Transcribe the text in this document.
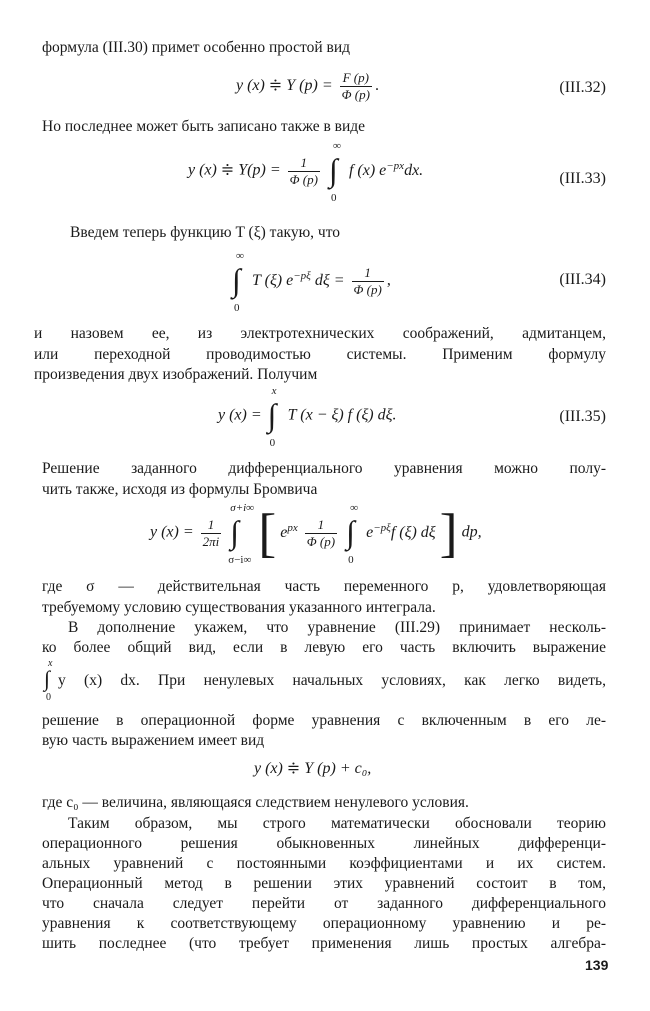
формула (III.30) примет особенно простой вид
y (x) ≑ Y $(p) = \frac{F (p)}{\Phi (p)}$ .	(III.32)
Но последнее может быть записано также в виде
y (x) ≑ $Y(p) = \frac{1}{\Phi (p)}$

∞
∫
0
f (x) $e^{-px}dx$.	(III.33)
Введем теперь функцию T (ξ) такую, что
∞
∫
0
T (ξ) $e^{-p\xi}$ $d\xi = \frac{1}{\Phi (p)}$ ,	(III.34)
и назовем ее, из электротехнических соображений, адмитанцем,
или переходной проводимостью системы. Применим формулу
произведения двух изображений. Получим
y (x) =
x
∫
0
T (x − ξ) f (ξ) dξ.	(III.35)
Решение заданного дифференциального уравнения можно полу-
чить также, исходя из формулы Бромвича
y $(x) = \frac{1}{2\pi i}$

σ+i∞
∫
σ−i∞ [ $e^{px} \frac{1}{\Phi (p)}$

∞
∫
0
$e^{-p\xi}f$ (ξ) dξ ] dp,
где σ — действительная часть переменного p, удовлетворяющая
требуемому условию существования указанного интеграла.
В дополнение укажем, что уравнение (III.29) принимает несколь-
ко более общий вид, если в левую его часть включить выражение
x
∫
0
y (x) dx. При ненулевых начальных условиях, как легко видеть,
решение в операционной форме уравнения с включенным в его ле-
вую часть выражением имеет вид
y (x) ≑ Y (p) + c₀,
где c₀ — величина, являющаяся следствием ненулевого условия.
Таким образом, мы строго математически обосновали теорию
операционного решения обыкновенных линейных дифференци-
альных уравнений с постоянными коэффициентами и их систем.
Операционный метод в решении этих уравнений состоит в том,
что сначала следует перейти от заданного дифференциального
уравнения к соответствующему операционному уравнению и ре-
шить последнее (что требует применения лишь простых алгебра-
139
